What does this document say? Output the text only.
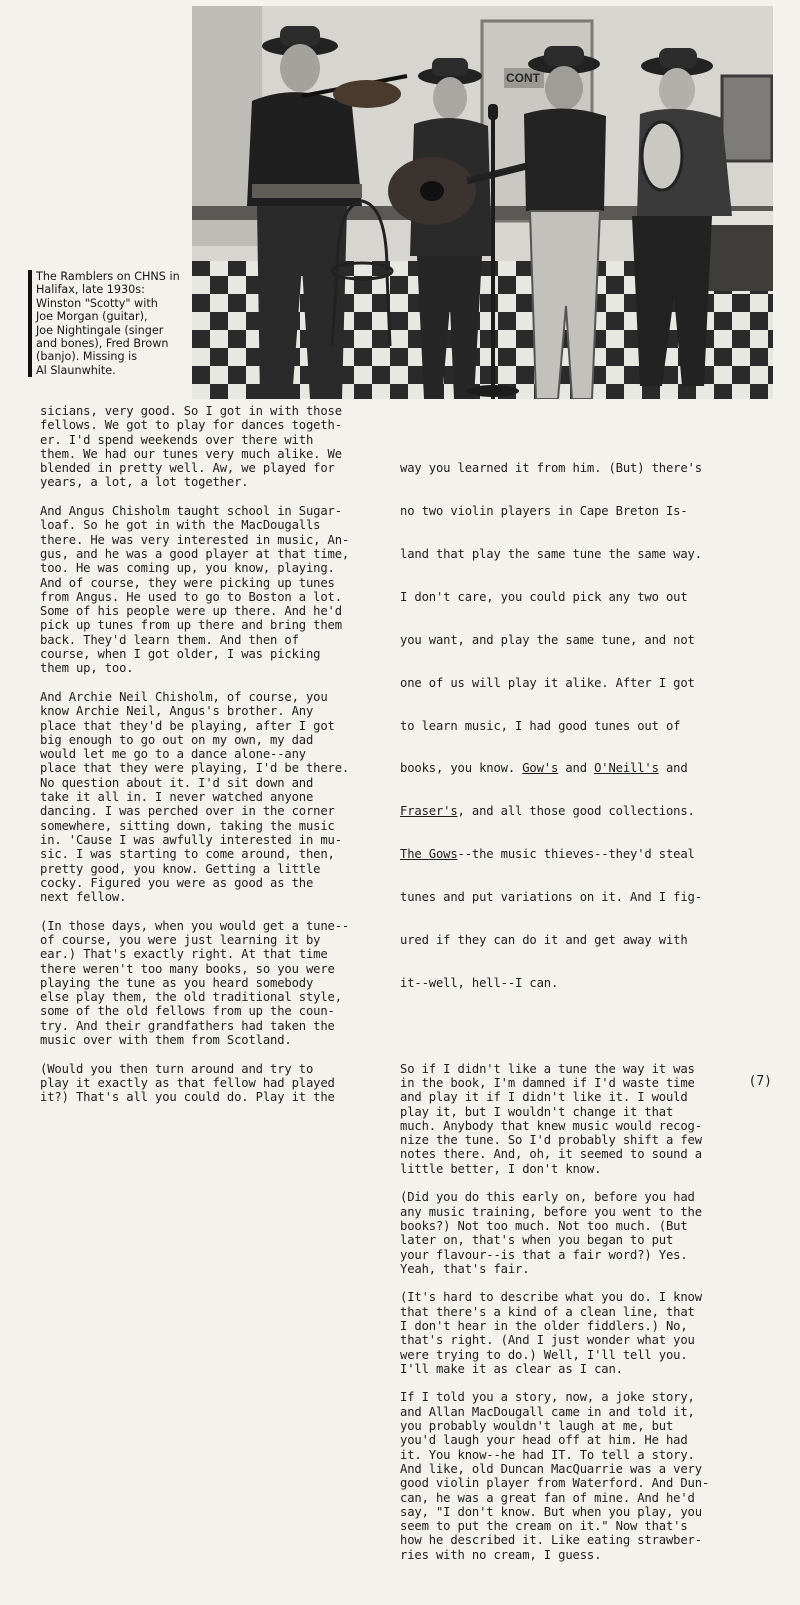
CONT

The Ramblers on CHNS in

Halifax, late 1930s:

Winston "Scotty" with

Joe Morgan (guitar),

Joe Nightingale (singer

and bones), Fred Brown

(banjo). Missing is

Al Slaunwhite.

sicians, very good. So I got in with those
fellows. We got to play for dances togeth-
er. I'd spend weekends over there with
them. We had our tunes very much alike. We
blended in pretty well. Aw, we played for
years, a lot, a lot together.
And Angus Chisholm taught school in Sugar-
loaf. So he got in with the MacDougalls
there. He was very interested in music, An-
gus, and he was a good player at that time,
too. He was coming up, you know, playing.
And of course, they were picking up tunes
from Angus. He used to go to Boston a lot.
Some of his people were up there. And he'd
pick up tunes from up there and bring them
back. They'd learn them. And then of
course, when I got older, I was picking
them up, too.
And Archie Neil Chisholm, of course, you
know Archie Neil, Angus's brother. Any
place that they'd be playing, after I got
big enough to go out on my own, my dad
would let me go to a dance alone--any
place that they were playing, I'd be there.
No question about it. I'd sit down and
take it all in. I never watched anyone
dancing. I was perched over in the corner
somewhere, sitting down, taking the music
in. 'Cause I was awfully interested in mu-
sic. I was starting to come around, then,
pretty good, you know. Getting a little
cocky. Figured you were as good as the
next fellow.
(In those days, when you would get a tune--
of course, you were just learning it by
ear.) That's exactly right. At that time
there weren't too many books, so you were
playing the tune as you heard somebody
else play them, the old traditional style,
some of the old fellows from up the coun-
try. And their grandfathers had taken the
music over with them from Scotland.
(Would you then turn around and try to
play it exactly as that fellow had played
it?) That's all you could do. Play it the

way you learned it from him. (But) there's

no two violin players in Cape Breton Is-

land that play the same tune the same way.

I don't care, you could pick any two out

you want, and play the same tune, and not

one of us will play it alike. After I got

to learn music, I had good tunes out of

books, you know. Gow's and O'Neill's and

Fraser's, and all those good collections.

The Gows--the music thieves--they'd steal

tunes and put variations on it. And I fig-

ured if they can do it and get away with

it--well, hell--I can.

So if I didn't like a tune the way it was
in the book, I'm damned if I'd waste time
and play it if I didn't like it. I would
play it, but I wouldn't change it that
much. Anybody that knew music would recog-
nize the tune. So I'd probably shift a few
notes there. And, oh, it seemed to sound a
little better, I don't know.
(Did you do this early on, before you had
any music training, before you went to the
books?) Not too much. Not too much. (But
later on, that's when you began to put
your flavour--is that a fair word?) Yes.
Yeah, that's fair.
(It's hard to describe what you do. I know
that there's a kind of a clean line, that
I don't hear in the older fiddlers.) No,
that's right. (And I just wonder what you
were trying to do.) Well, I'll tell you.
I'll make it as clear as I can.
If I told you a story, now, a joke story,
and Allan MacDougall came in and told it,
you probably wouldn't laugh at me, but
you'd laugh your head off at him. He had
it. You know--he had IT. To tell a story.
And like, old Duncan MacQuarrie was a very
good violin player from Waterford. And Dun-
can, he was a great fan of mine. And he'd
say, "I don't know. But when you play, you
seem to put the cream on it." Now that's
how he described it. Like eating strawber-
ries with no cream, I guess.

(7)
